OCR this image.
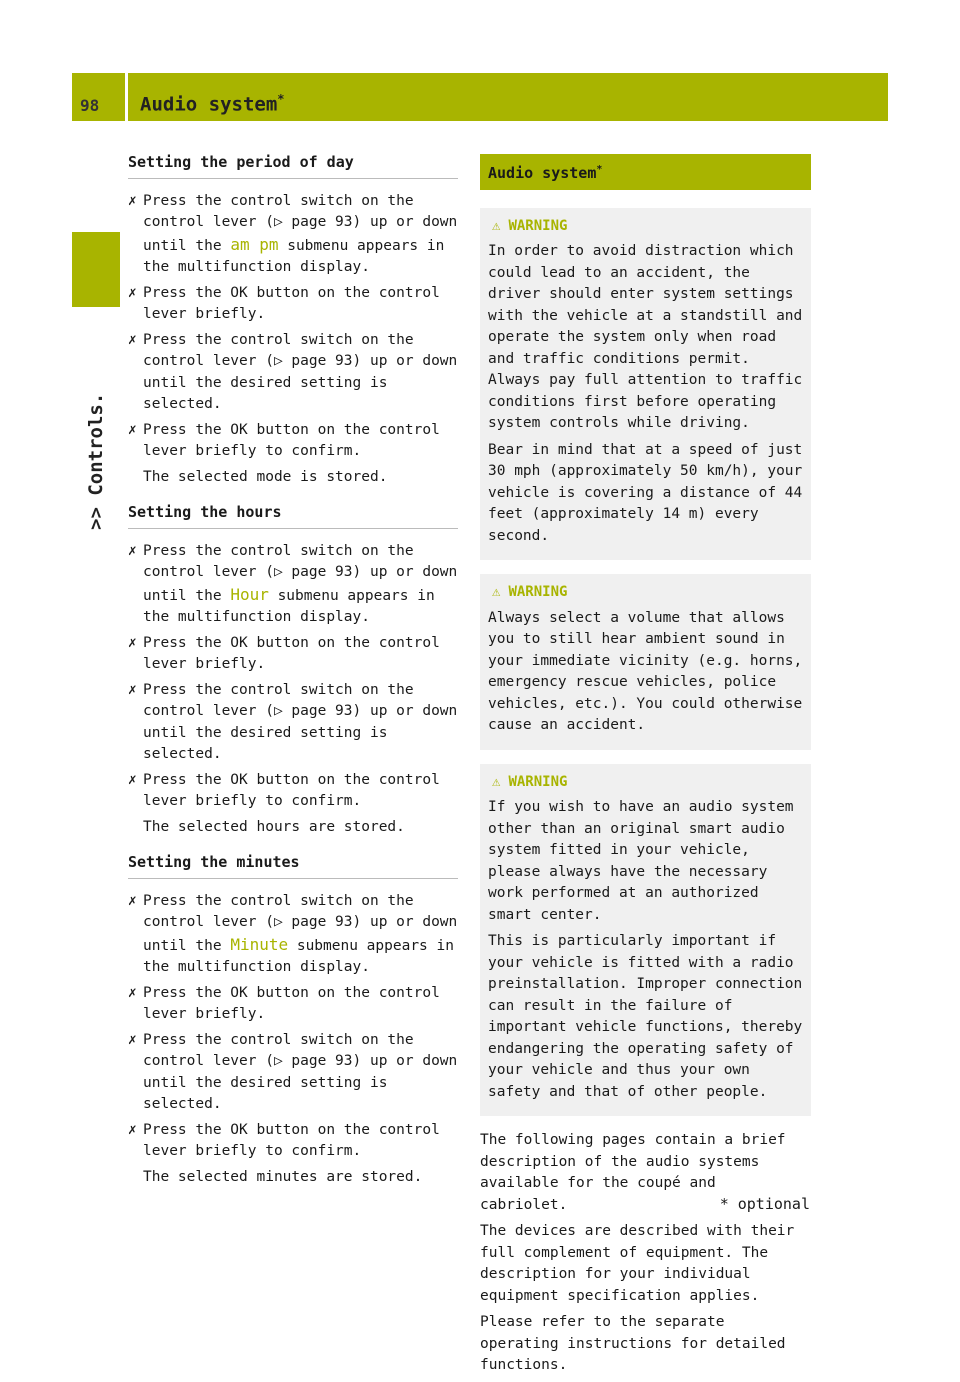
98 Audio system*
>> Controls.
Setting the period of day
✗ Press the control switch on the control lever (▷ page 93) up or down until the am pm submenu appears in the multifunction display.
✗ Press the OK button on the control lever briefly.
✗ Press the control switch on the control lever (▷ page 93) up or down until the desired setting is selected.
✗ Press the OK button on the control lever briefly to confirm.
The selected mode is stored.
Setting the hours
✗ Press the control switch on the control lever (▷ page 93) up or down until the Hour submenu appears in the multifunction display.
✗ Press the OK button on the control lever briefly.
✗ Press the control switch on the control lever (▷ page 93) up or down until the desired setting is selected.
✗ Press the OK button on the control lever briefly to confirm.
The selected hours are stored.
Setting the minutes
✗ Press the control switch on the control lever (▷ page 93) up or down until the Minute submenu appears in the multifunction display.
✗ Press the OK button on the control lever briefly.
✗ Press the control switch on the control lever (▷ page 93) up or down until the desired setting is selected.
✗ Press the OK button on the control lever briefly to confirm.
The selected minutes are stored.
Audio system*
⚠ WARNING

In order to avoid distraction which could lead to an accident, the driver should enter system settings with the vehicle at a standstill and operate the system only when road and traffic conditions permit. Always pay full attention to traffic conditions first before operating system controls while driving.

Bear in mind that at a speed of just 30 mph (approximately 50 km/h), your vehicle is covering a distance of 44 feet (approximately 14 m) every second.

⚠ WARNING

Always select a volume that allows you to still hear ambient sound in your immediate vicinity (e.g. horns, emergency rescue vehicles, police vehicles, etc.). You could otherwise cause an accident.

⚠ WARNING

If you wish to have an audio system other than an original smart audio system fitted in your vehicle, please always have the necessary work performed at an authorized smart center.

This is particularly important if your vehicle is fitted with a radio preinstallation. Improper connection can result in the failure of important vehicle functions, thereby endangering the operating safety of your vehicle and thus your own safety and that of other people.

The following pages contain a brief description of the audio systems available for the coupé and cabriolet.

The devices are described with their full complement of equipment. The description for your individual equipment specification applies.

Please refer to the separate operating instructions for detailed functions.

* optional
